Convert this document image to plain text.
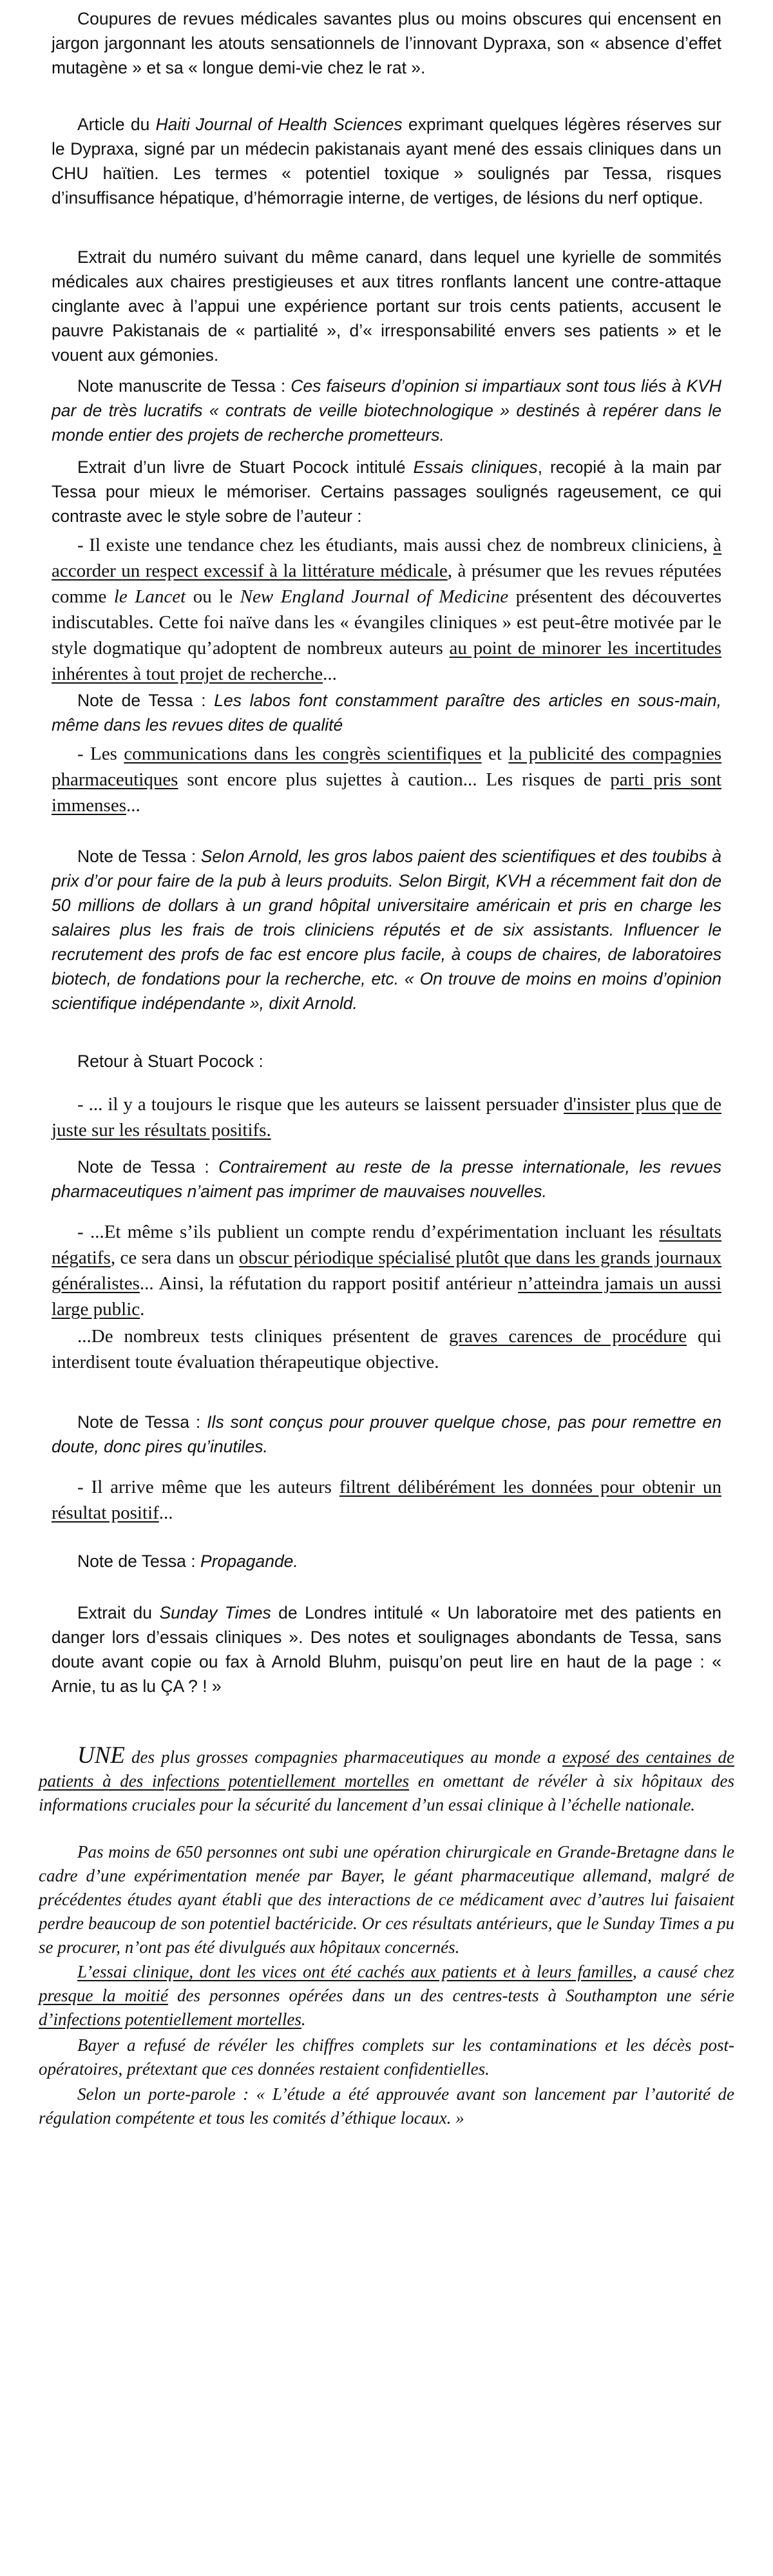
Coupures de revues médicales savantes plus ou moins obscures qui encensent en jargon jargonnant les atouts sensationnels de l’innovant Dypraxa, son « absence d’effet mutagène » et sa « longue demi-vie chez le rat ».

Article du Haiti Journal of Health Sciences exprimant quelques légères réserves sur le Dypraxa, signé par un médecin pakistanais ayant mené des essais cliniques dans un CHU haïtien. Les termes « potentiel toxique » soulignés par Tessa, risques d’insuffisance hépatique, d’hémorragie interne, de vertiges, de lésions du nerf optique.

Extrait du numéro suivant du même canard, dans lequel une kyrielle de sommités médicales aux chaires prestigieuses et aux titres ronflants lancent une contre-attaque cinglante avec à l’appui une expérience portant sur trois cents patients, accusent le pauvre Pakistanais de « partialité », d’« irresponsabilité envers ses patients » et le vouent aux gémonies.

Note manuscrite de Tessa : Ces faiseurs d’opinion si impartiaux sont tous liés à KVH par de très lucratifs « contrats de veille biotechnologique » destinés à repérer dans le monde entier des projets de recherche prometteurs.

Extrait d’un livre de Stuart Pocock intitulé Essais cliniques, recopié à la main par Tessa pour mieux le mémoriser. Certains passages soulignés rageusement, ce qui contraste avec le style sobre de l’auteur :

- Il existe une tendance chez les étudiants, mais aussi chez de nombreux cliniciens, à accorder un respect excessif à la littérature médicale, à présumer que les revues réputées comme le Lancet ou le New England Journal of Medicine présentent des découvertes indiscutables. Cette foi naïve dans les « évangiles cliniques » est peut-être motivée par le style dogmatique qu’adoptent de nombreux auteurs au point de minorer les incertitudes inhérentes à tout projet de recherche...

Note de Tessa : Les labos font constamment paraître des articles en sous-main, même dans les revues dites de qualité

- Les communications dans les congrès scientifiques et la publicité des compagnies pharmaceutiques sont encore plus sujettes à caution... Les risques de parti pris sont immenses...

Note de Tessa : Selon Arnold, les gros labos paient des scientifiques et des toubibs à prix d’or pour faire de la pub à leurs produits. Selon Birgit, KVH a récemment fait don de 50 millions de dollars à un grand hôpital universitaire américain et pris en charge les salaires plus les frais de trois cliniciens réputés et de six assistants. Influencer le recrutement des profs de fac est encore plus facile, à coups de chaires, de laboratoires biotech, de fondations pour la recherche, etc. « On trouve de moins en moins d’opinion scientifique indépendante », dixit Arnold.

Retour à Stuart Pocock :

- ... il y a toujours le risque que les auteurs se laissent persuader d'insister plus que de juste sur les résultats positifs.

Note de Tessa : Contrairement au reste de la presse internationale, les revues pharmaceutiques n’aiment pas imprimer de mauvaises nouvelles.

- ...Et même s’ils publient un compte rendu d’expérimentation incluant les résultats négatifs, ce sera dans un obscur périodique spécialisé plutôt que dans les grands journaux généralistes... Ainsi, la réfutation du rapport positif antérieur n’atteindra jamais un aussi large public.

...De nombreux tests cliniques présentent de graves carences de procédure qui interdisent toute évaluation thérapeutique objective.

Note de Tessa : Ils sont conçus pour prouver quelque chose, pas pour remettre en doute, donc pires qu’inutiles.

- Il arrive même que les auteurs filtrent délibérément les données pour obtenir un résultat positif...

Note de Tessa : Propagande.

Extrait du Sunday Times de Londres intitulé « Un laboratoire met des patients en danger lors d’essais cliniques ». Des notes et soulignages abondants de Tessa, sans doute avant copie ou fax à Arnold Bluhm, puisqu’on peut lire en haut de la page : « Arnie, tu as lu ÇA ? ! »

UNE des plus grosses compagnies pharmaceutiques au monde a exposé des centaines de patients à des infections potentiellement mortelles en omettant de révéler à six hôpitaux des informations cruciales pour la sécurité du lancement d’un essai clinique à l’échelle nationale.

Pas moins de 650 personnes ont subi une opération chirurgicale en Grande-Bretagne dans le cadre d’une expérimentation menée par Bayer, le géant pharmaceutique allemand, malgré de précédentes études ayant établi que des interactions de ce médicament avec d’autres lui faisaient perdre beaucoup de son potentiel bactéricide. Or ces résultats antérieurs, que le Sunday Times a pu se procurer, n’ont pas été divulgués aux hôpitaux concernés.

L’essai clinique, dont les vices ont été cachés aux patients et à leurs familles, a causé chez presque la moitié des personnes opérées dans un des centres-tests à Southampton une série d’infections potentiellement mortelles.

Bayer a refusé de révéler les chiffres complets sur les contaminations et les décès post-opératoires, prétextant que ces données restaient confidentielles.

Selon un porte-parole : « L’étude a été approuvée avant son lancement par l’autorité de régulation compétente et tous les comités d’éthique locaux. »
